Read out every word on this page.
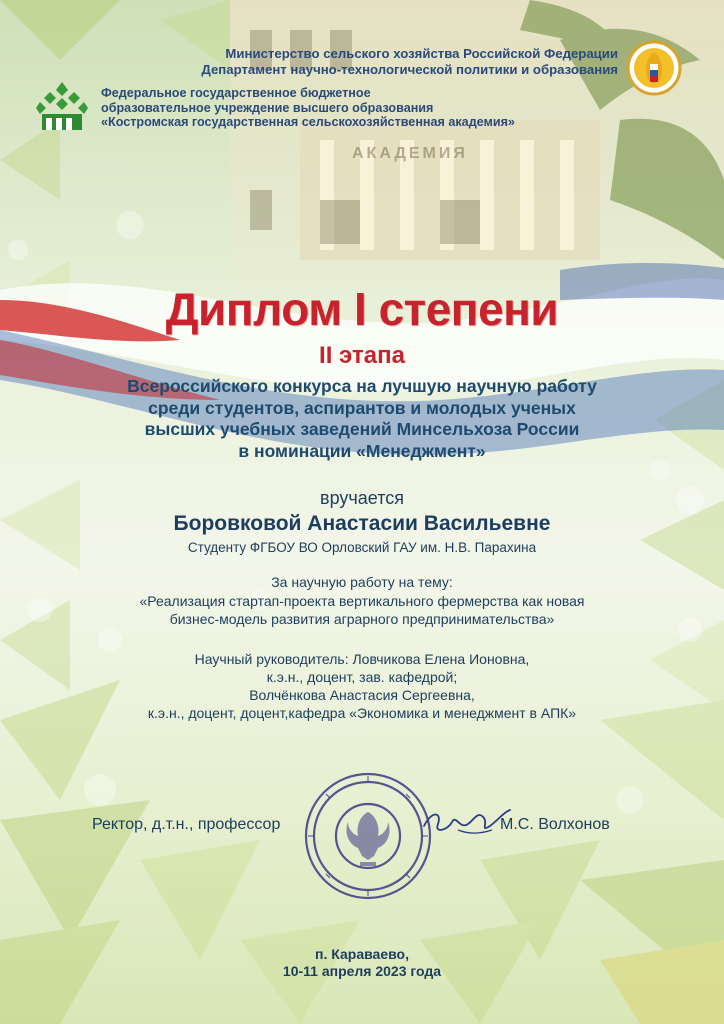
АКАДЕМИЯ
Министерство сельского хозяйства Российской Федерации
Департамент научно-технологической политики и образования
Федеральное государственное бюджетное
образовательное учреждение высшего образования
«Костромская государственная сельскохозяйственная академия»
Диплом I степени
II этапа
Всероссийского конкурса на лучшую научную работу
среди студентов, аспирантов и молодых ученых
высших учебных заведений Минсельхоза России
в номинации «Менеджмент»
вручается
Боровковой Анастасии Васильевне
Студенту ФГБОУ ВО Орловский ГАУ им. Н.В. Парахина
За научную работу на тему:
«Реализация стартап-проекта вертикального фермерства как новая
бизнес-модель развития аграрного предпринимательства»
Научный руководитель: Ловчикова Елена Ионовна,
к.э.н., доцент, зав. кафедрой;
Волчёнкова Анастасия Сергеевна,
к.э.н., доцент, доцент,кафедра «Экономика и менеджмент в АПК»
Ректор, д.т.н., профессор	М.С. Волхонов
п. Караваево,
10-11 апреля 2023 года
